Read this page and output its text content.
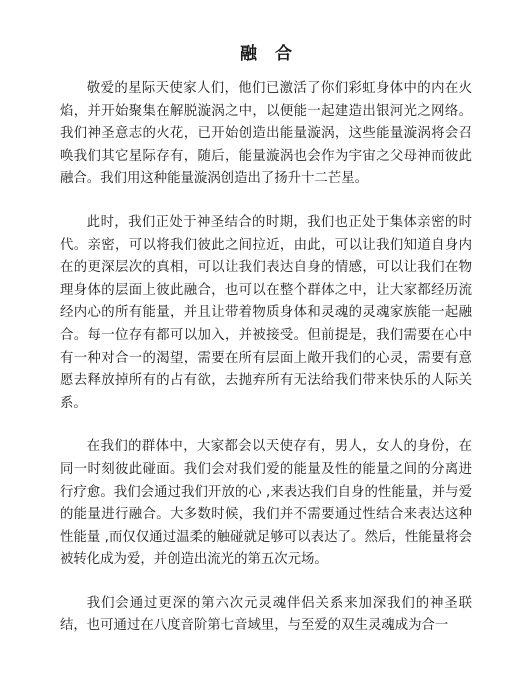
融 合

敬爱的星际天使家人们，他们已激活了你们彩虹身体中的内在火焰，并开始聚集在解脱漩涡之中，以便能一起建造出银河光之网络。我们神圣意志的火花，已开始创造出能量漩涡，这些能量漩涡将会召唤我们其它星际存有，随后，能量漩涡也会作为宇宙之父母神而彼此融合。我们用这种能量漩涡创造出了扬升十二芒星。

此时，我们正处于神圣结合的时期，我们也正处于集体亲密的时代。亲密，可以将我们彼此之间拉近，由此，可以让我们知道自身内在的更深层次的真相，可以让我们表达自身的情感，可以让我们在物理身体的层面上彼此融合，也可以在整个群体之中，让大家都经历流经内心的所有能量，并且让带着物质身体和灵魂的灵魂家族能一起融合。每一位存有都可以加入，并被接受。但前提是，我们需要在心中有一种对合一的渴望，需要在所有层面上敞开我们的心灵，需要有意愿去释放掉所有的占有欲，去抛弃所有无法给我们带来快乐的人际关系。

在我们的群体中，大家都会以天使存有，男人，女人的身份，在同一时刻彼此碰面。我们会对我们爱的能量及性的能量之间的分离进行疗愈。我们会通过我们开放的心 ,来表达我们自身的性能量，并与爱的能量进行融合。大多数时候，我们并不需要通过性结合来表达这种性能量 ,而仅仅通过温柔的触碰就足够可以表达了。然后，性能量将会被转化成为爱，并创造出流光的第五次元场。

我们会通过更深的第六次元灵魂伴侣关系来加深我们的神圣联结，也可通过在八度音阶第七音域里，与至爱的双生灵魂成为合一
